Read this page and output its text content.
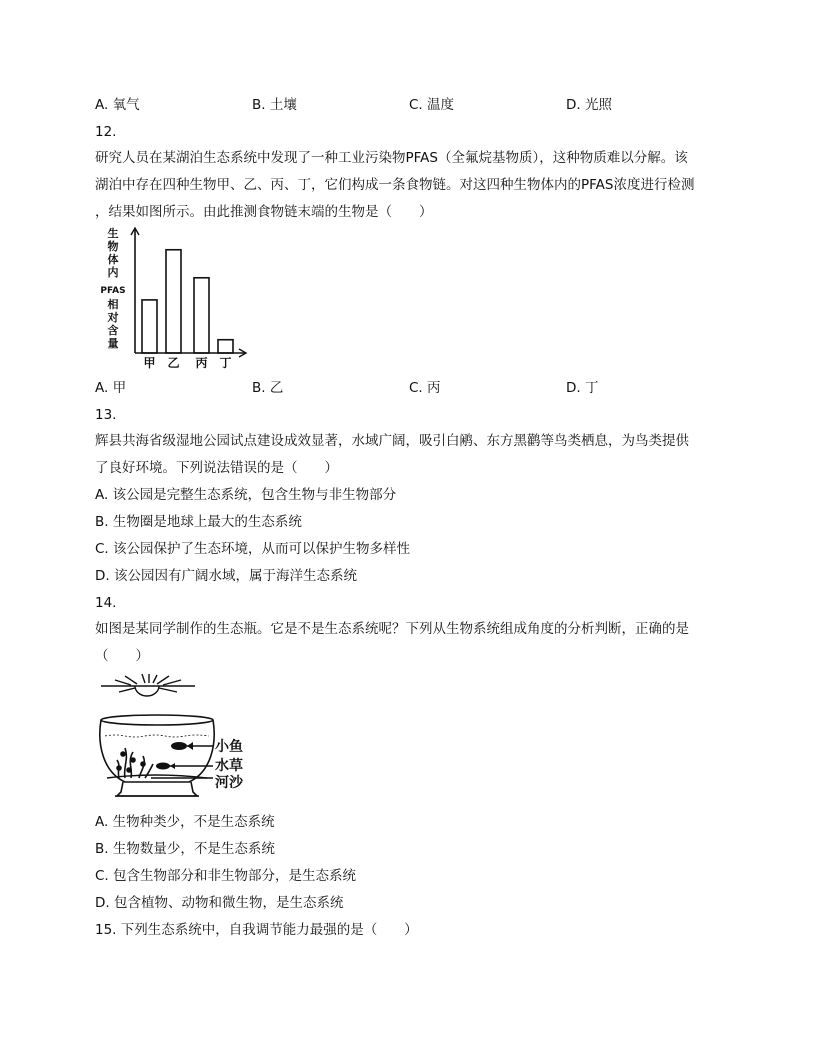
A. 氧气	B. 土壤	C. 温度	D. 光照
12.
研究人员在某湖泊生态系统中发现了一种工业污染物PFAS（全氟烷基物质），这种物质难以分解。该
湖泊中存在四种生物甲、乙、丙、丁，它们构成一条食物链。对这四种生物体内的PFAS浓度进行检测
，结果如图所示。由此推测食物链末端的生物是（　　）
生
物
体
内
PFAS
相
对
含
量
甲 乙 丙 丁
A. 甲	B. 乙	C. 丙	D. 丁
13.
辉县共海省级湿地公园试点建设成效显著，水域广阔，吸引白鹇、东方黑鹳等鸟类栖息，为鸟类提供
了良好环境。下列说法错误的是（　　）
A. 该公园是完整生态系统，包含生物与非生物部分
B. 生物圈是地球上最大的生态系统
C. 该公园保护了生态环境，从而可以保护生物多样性
D. 该公园因有广阔水域，属于海洋生态系统
14.
如图是某同学制作的生态瓶。它是不是生态系统呢？下列从生物系统组成角度的分析判断，正确的是
（　　）
小鱼
水草
河沙
A. 生物种类少，不是生态系统
B. 生物数量少，不是生态系统
C. 包含生物部分和非生物部分，是生态系统
D. 包含植物、动物和微生物，是生态系统
15. 下列生态系统中，自我调节能力最强的是（　　）
